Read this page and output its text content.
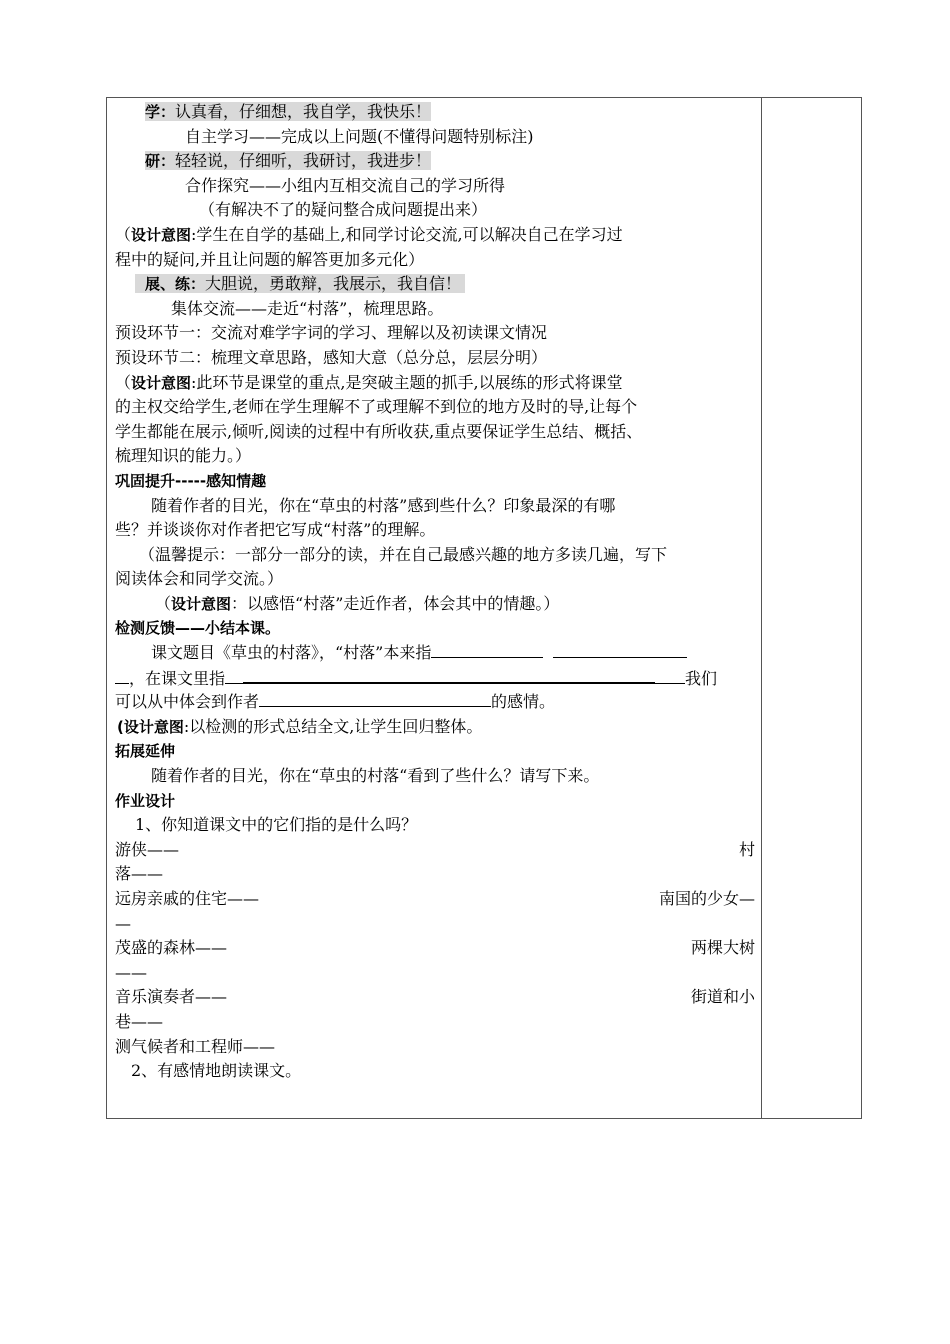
学：认真看，仔细想，我自学，我快乐！
自主学习——完成以上问题(不懂得问题特别标注)
研：轻轻说，仔细听，我研讨，我进步！
合作探究——小组内互相交流自己的学习所得
（有解决不了的疑问整合成问题提出来）
（设计意图:学生在自学的基础上,和同学讨论交流,可以解决自己在学习过
程中的疑问,并且让问题的解答更加多元化）
展、练：大胆说，勇敢辩，我展示，我自信！
集体交流——走近“村落”，梳理思路。
预设环节一：交流对难学字词的学习、理解以及初读课文情况
预设环节二：梳理文章思路，感知大意（总分总，层层分明）
（设计意图:此环节是课堂的重点,是突破主题的抓手,以展练的形式将课堂
的主权交给学生,老师在学生理解不了或理解不到位的地方及时的导,让每个
学生都能在展示,倾听,阅读的过程中有所收获,重点要保证学生总结、概括、
梳理知识的能力。）
巩固提升-----感知情趣
随着作者的目光，你在“草虫的村落”感到些什么？印象最深的有哪
些？并谈谈你对作者把它写成“村落”的理解。
（温馨提示：一部分一部分的读，并在自己最感兴趣的地方多读几遍，写下
阅读体会和同学交流。）
（设计意图：以感悟“村落”走近作者，体会其中的情趣。）
检测反馈——小结本课。
课文题目《草虫的村落》，“村落”本来指
，在课文里指	我们
可以从中体会到作者	的感情。
(设计意图:以检测的形式总结全文,让学生回归整体。
拓展延伸
随着作者的目光，你在“草虫的村落“看到了些什么？请写下来。
作业设计
1、你知道课文中的它们指的是什么吗？
游侠——	村
落——
远房亲戚的住宅——	南国的少女—
—
茂盛的森林——	两棵大树
——
音乐演奏者——	街道和小
巷——
测气候者和工程师——
2、有感情地朗读课文。
